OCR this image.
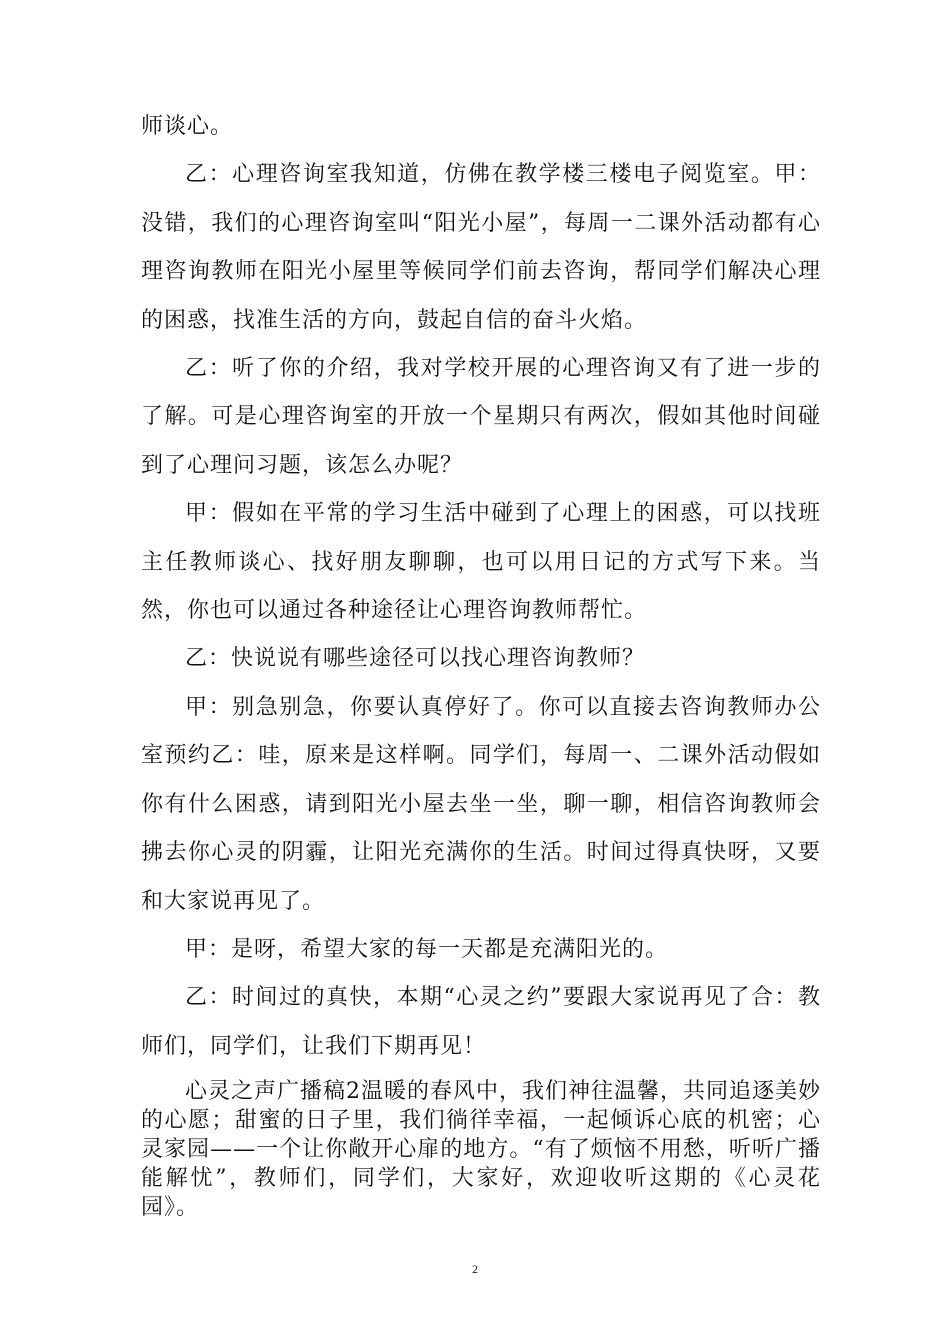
师谈心。

乙：心理咨询室我知道，仿佛在教学楼三楼电子阅览室。甲：没错，我们的心理咨询室叫“阳光小屋”，每周一二课外活动都有心理咨询教师在阳光小屋里等候同学们前去咨询，帮同学们解决心理的困惑，找准生活的方向，鼓起自信的奋斗火焰。

乙：听了你的介绍，我对学校开展的心理咨询又有了进一步的了解。可是心理咨询室的开放一个星期只有两次，假如其他时间碰到了心理问习题，该怎么办呢？

甲：假如在平常的学习生活中碰到了心理上的困惑，可以找班主任教师谈心、找好朋友聊聊，也可以用日记的方式写下来。当然，你也可以通过各种途径让心理咨询教师帮忙。

乙：快说说有哪些途径可以找心理咨询教师？

甲：别急别急，你要认真停好了。你可以直接去咨询教师办公室预约乙：哇，原来是这样啊。同学们，每周一、二课外活动假如你有什么困惑，请到阳光小屋去坐一坐，聊一聊，相信咨询教师会拂去你心灵的阴霾，让阳光充满你的生活。时间过得真快呀，又要和大家说再见了。

甲：是呀，希望大家的每一天都是充满阳光的。

乙：时间过的真快，本期“心灵之约”要跟大家说再见了合：教师们，同学们，让我们下期再见！

心灵之声广播稿2温暖的春风中，我们神往温馨，共同追逐美妙的心愿；甜蜜的日子里，我们徜徉幸福，一起倾诉心底的机密；心灵家园——一个让你敞开心扉的地方。“有了烦恼不用愁，听听广播能解忧”，教师们，同学们，大家好，欢迎收听这期的《心灵花园》。

2
